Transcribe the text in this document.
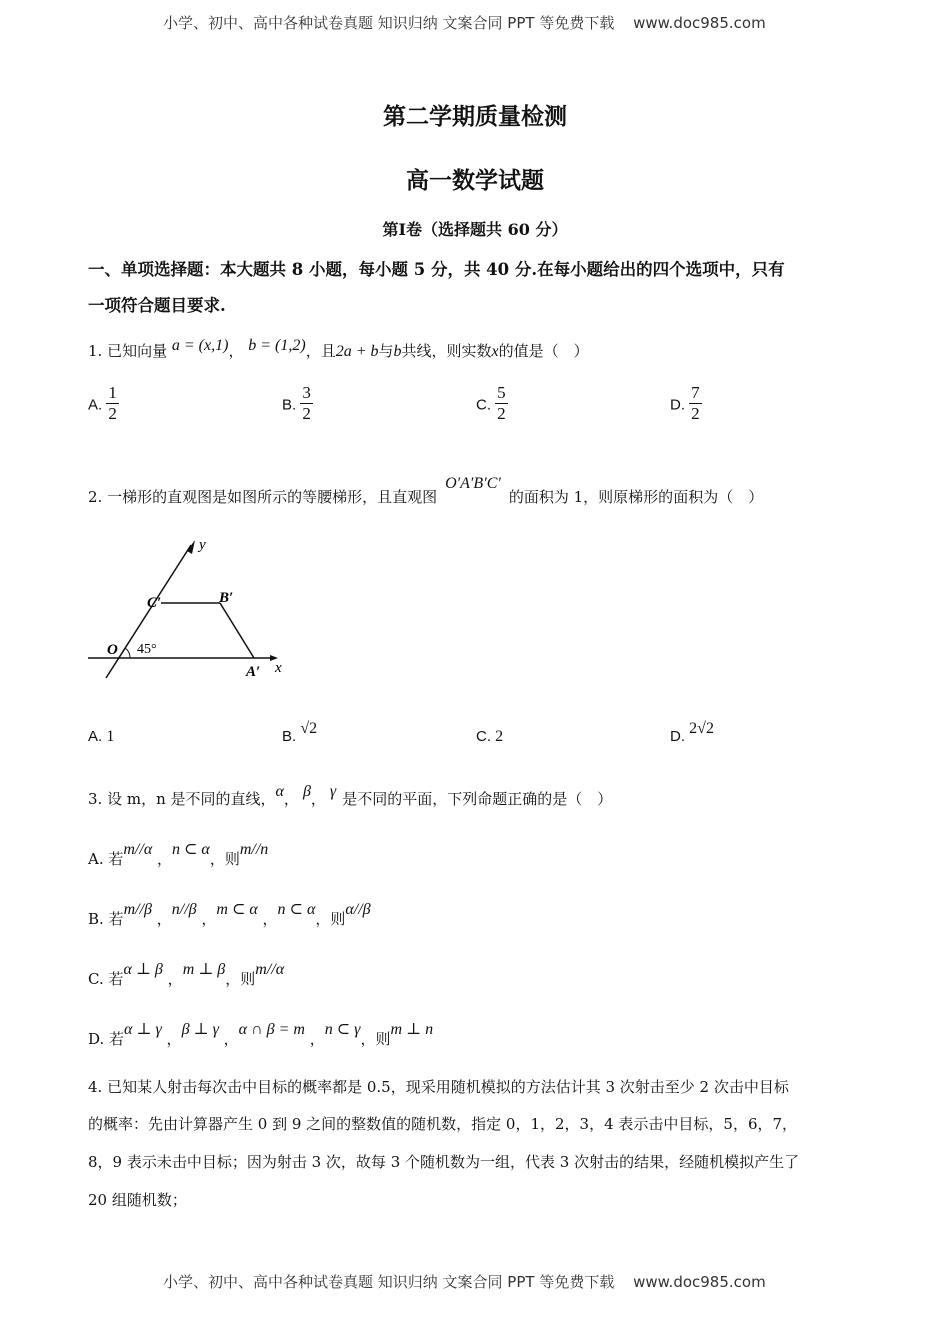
小学、初中、高中各种试卷真题 知识归纳 文案合同 PPT 等免费下载 www.doc985.com
第二学期质量检测
高一数学试题
第Ⅰ卷（选择题共 60 分）
一、单项选择题：本大题共 8 小题，每小题 5 分，共 40 分.在每小题给出的四个选项中，只有
一项符合题目要求.
1. 已知向量 a = (x,1)， b = (1,2)，且2a + b与b共线，则实数x的值是（　）
A. $\frac{1}{2}$	B. $\frac{3}{2}$	C. $\frac{5}{2}$	D. $\frac{7}{2}$
2. 一梯形的直观图是如图所示的等腰梯形，且直观图O′A′B′C′的面积为 1，则原梯形的面积为（　）
y
x
O
C′	B′
A′
45°
A. 1	B. √2	C. 2	D. 2√2
3. 设 m，n 是不同的直线，α， β， γ 是不同的平面，下列命题正确的是（　）
A. 若m//α ，n ⊂ α，则m//n
B. 若m//β ，n//β ，m ⊂ α ，n ⊂ α，则α//β
C. 若α ⊥ β ，m ⊥ β，则m//α
D. 若α ⊥ γ ，β ⊥ γ ，α ∩ β = m ，n ⊂ γ，则m ⊥ n
4. 已知某人射击每次击中目标的概率都是 0.5，现采用随机模拟的方法估计其 3 次射击至少 2 次击中目标
的概率：先由计算器产生 0 到 9 之间的整数值的随机数，指定 0，1，2，3，4 表示击中目标，5，6，7，
8，9 表示未击中目标；因为射击 3 次，故每 3 个随机数为一组，代表 3 次射击的结果，经随机模拟产生了
20 组随机数；
小学、初中、高中各种试卷真题 知识归纳 文案合同 PPT 等免费下载 www.doc985.com
